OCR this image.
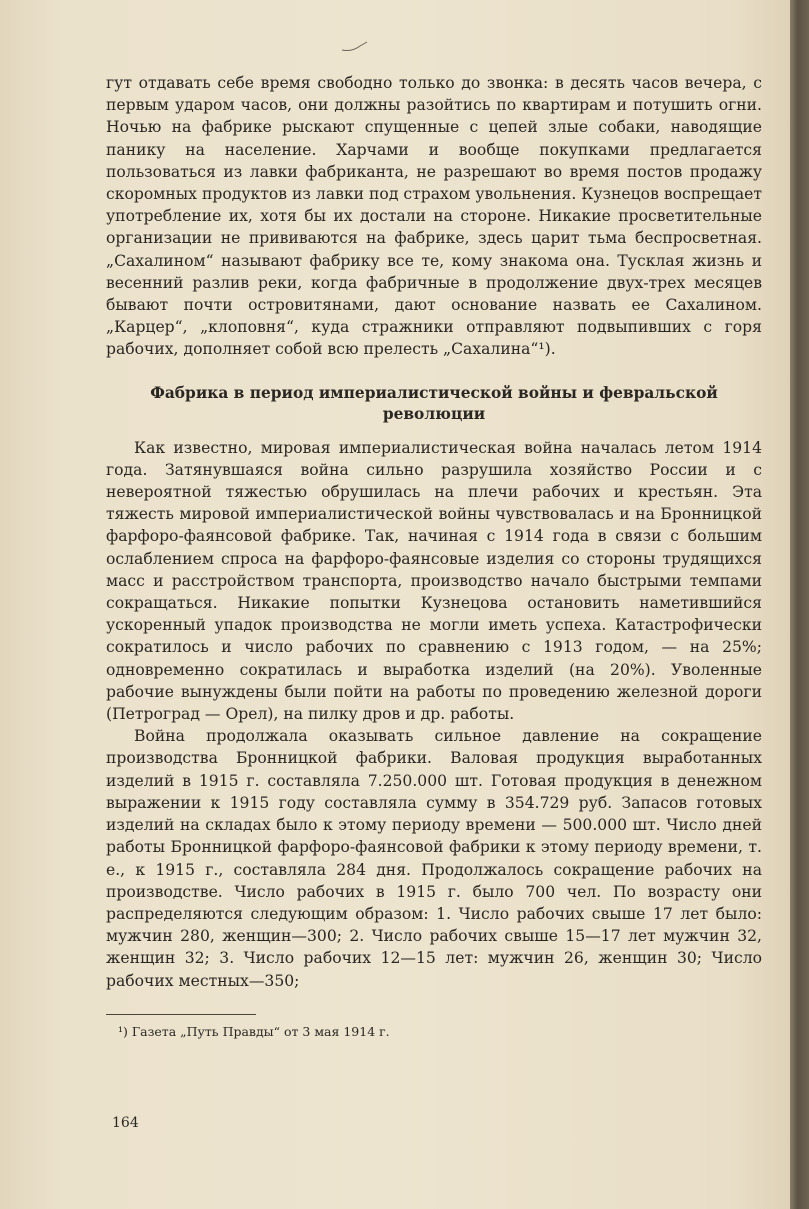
гут отдавать себе время свободно только до звонка: в десять часов вечера, с первым ударом часов, они должны разойтись по квартирам и потушить огни. Ночью на фабрике рыскают спущенные с цепей злые собаки, наводящие панику на население. Харчами и вообще покупками предлагается пользоваться из лавки фабриканта, не разрешают во время постов продажу скоромных продуктов из лавки под страхом увольнения. Кузнецов воспрещает употребление их, хотя бы их достали на стороне. Никакие просветительные организации не прививаются на фабрике, здесь царит тьма беспросветная. „Сахалином“ называют фабрику все те, кому знакома она. Тусклая жизнь и весенний разлив реки, когда фабричные в продолжение двух-трех месяцев бывают почти островитянами, дают основание назвать ее Сахалином. „Карцер“, „клоповня“, куда стражники отправляют подвыпивших с горя рабочих, дополняет собой всю прелесть „Сахалина“¹).

Фабрика в период империалистической войны и февральской революции

Как известно, мировая империалистическая война началась летом 1914 года. Затянувшаяся война сильно разрушила хозяйство России и с невероятной тяжестью обрушилась на плечи рабочих и крестьян. Эта тяжесть мировой империалистической войны чувствовалась и на Бронницкой фарфоро-фаянсовой фабрике. Так, начиная с 1914 года в связи с большим ослаблением спроса на фарфоро-фаянсовые изделия со стороны трудящихся масс и расстройством транспорта, производство начало быстрыми темпами сокращаться. Никакие попытки Кузнецова остановить наметившийся ускоренный упадок производства не могли иметь успеха. Катастрофически сократилось и число рабочих по сравнению с 1913 годом, — на 25%; одновременно сократилась и выработка изделий (на 20%). Уволенные рабочие вынуждены были пойти на работы по проведению железной дороги (Петроград — Орел), на пилку дров и др. работы.

Война продолжала оказывать сильное давление на сокращение производства Бронницкой фабрики. Валовая продукция выработанных изделий в 1915 г. составляла 7.250.000 шт. Готовая продукция в денежном выражении к 1915 году составляла сумму в 354.729 руб. Запасов готовых изделий на складах было к этому периоду времени — 500.000 шт. Число дней работы Бронницкой фарфоро-фаянсовой фабрики к этому периоду времени, т. е., к 1915 г., составляла 284 дня. Продолжалось сокращение рабочих на производстве. Число рабочих в 1915 г. было 700 чел. По возрасту они распределяются следующим образом: 1. Число рабочих свыше 17 лет было: мужчин 280, женщин—300; 2. Число рабочих свыше 15—17 лет мужчин 32, женщин 32; 3. Число рабочих 12—15 лет: мужчин 26, женщин 30; Число рабочих местных—350;

¹) Газета „Путь Правды“ от 3 мая 1914 г.
164
